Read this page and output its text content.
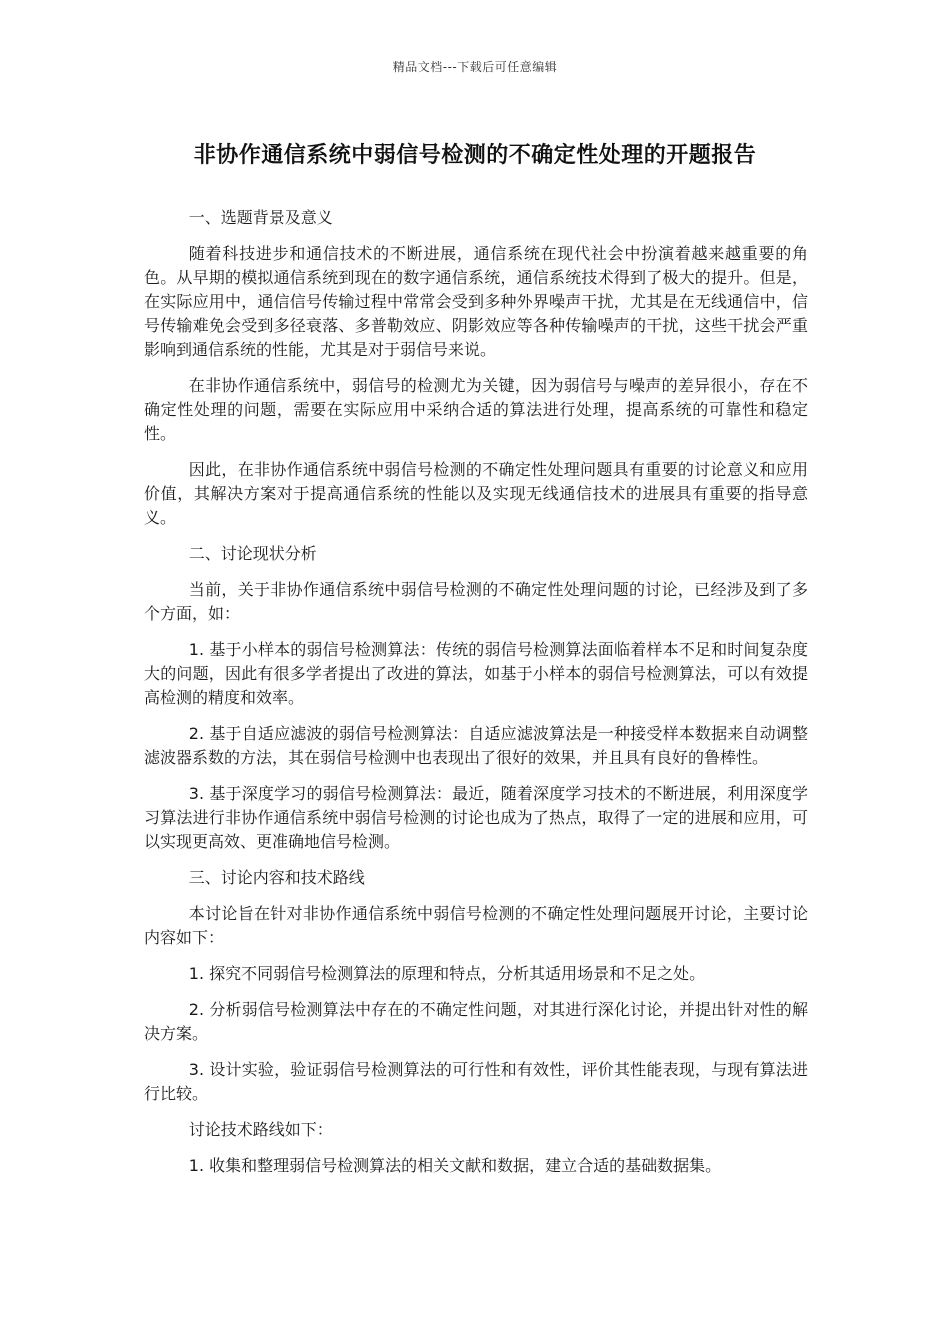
精品文档---下载后可任意编辑
非协作通信系统中弱信号检测的不确定性处理的开题报告

一、选题背景及意义

随着科技进步和通信技术的不断进展，通信系统在现代社会中扮演着越来越重要的角色。从早期的模拟通信系统到现在的数字通信系统，通信系统技术得到了极大的提升。但是，在实际应用中，通信信号传输过程中常常会受到多种外界噪声干扰，尤其是在无线通信中，信号传输难免会受到多径衰落、多普勒效应、阴影效应等各种传输噪声的干扰，这些干扰会严重影响到通信系统的性能，尤其是对于弱信号来说。

在非协作通信系统中，弱信号的检测尤为关键，因为弱信号与噪声的差异很小，存在不确定性处理的问题，需要在实际应用中采纳合适的算法进行处理，提高系统的可靠性和稳定性。

因此，在非协作通信系统中弱信号检测的不确定性处理问题具有重要的讨论意义和应用价值，其解决方案对于提高通信系统的性能以及实现无线通信技术的进展具有重要的指导意义。

二、讨论现状分析

当前，关于非协作通信系统中弱信号检测的不确定性处理问题的讨论，已经涉及到了多个方面，如：

1. 基于小样本的弱信号检测算法：传统的弱信号检测算法面临着样本不足和时间复杂度大的问题，因此有很多学者提出了改进的算法，如基于小样本的弱信号检测算法，可以有效提高检测的精度和效率。

2. 基于自适应滤波的弱信号检测算法：自适应滤波算法是一种接受样本数据来自动调整滤波器系数的方法，其在弱信号检测中也表现出了很好的效果，并且具有良好的鲁棒性。

3. 基于深度学习的弱信号检测算法：最近，随着深度学习技术的不断进展，利用深度学习算法进行非协作通信系统中弱信号检测的讨论也成为了热点，取得了一定的进展和应用，可以实现更高效、更准确地信号检测。

三、讨论内容和技术路线

本讨论旨在针对非协作通信系统中弱信号检测的不确定性处理问题展开讨论，主要讨论内容如下：

1. 探究不同弱信号检测算法的原理和特点，分析其适用场景和不足之处。

2. 分析弱信号检测算法中存在的不确定性问题，对其进行深化讨论，并提出针对性的解决方案。

3. 设计实验，验证弱信号检测算法的可行性和有效性，评价其性能表现，与现有算法进行比较。

讨论技术路线如下：

1. 收集和整理弱信号检测算法的相关文献和数据，建立合适的基础数据集。
